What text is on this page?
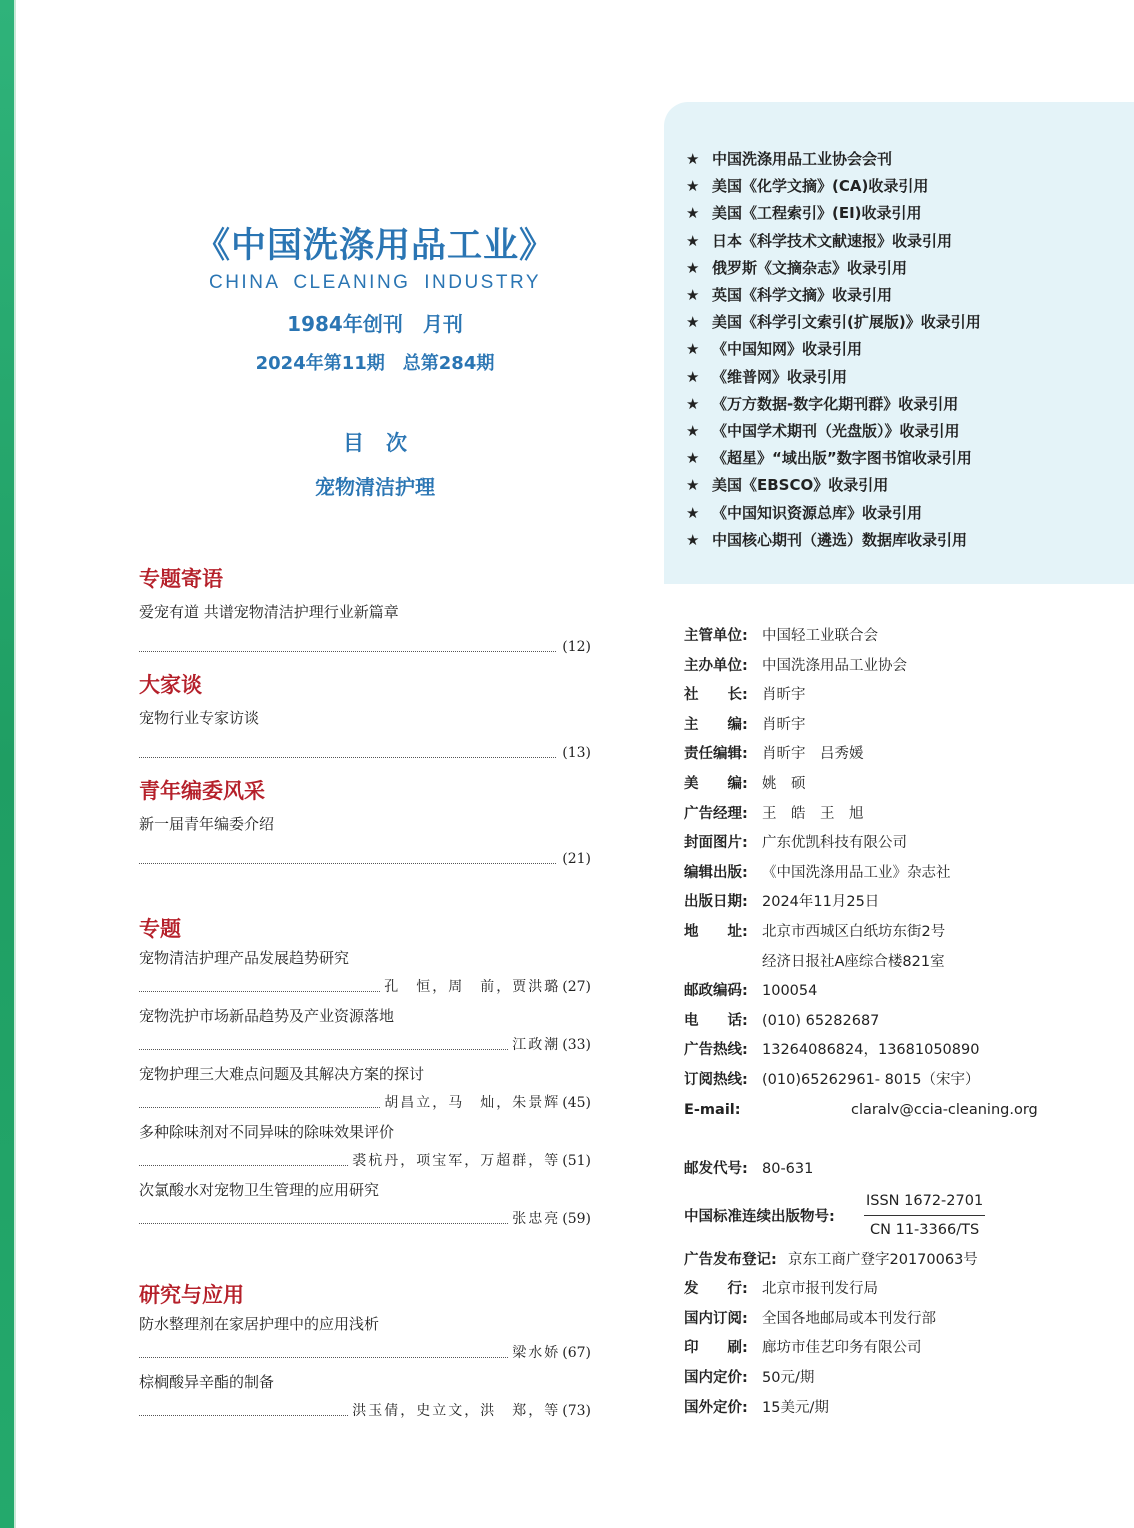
《中国洗涤用品工业》
CHINA CLEANING INDUSTRY
1984年创刊　月刊
2024年第11期　总第284期
目次
宠物清洁护理
专题寄语
爱宠有道 共谱宠物清洁护理行业新篇章
(12)
大家谈
宠物行业专家访谈
(13)
青年编委风采
新一届青年编委介绍
(21)
专题
宠物清洁护理产品发展趋势研究
孔　恒，周　前，贾洪璐 (27)
宠物洗护市场新品趋势及产业资源落地
江政潮 (33)
宠物护理三大难点问题及其解决方案的探讨
胡昌立，马　灿，朱景辉 (45)
多种除味剂对不同异味的除味效果评价
裘杭丹，项宝军，万超群，等 (51)
次氯酸水对宠物卫生管理的应用研究
张忠亮 (59)
研究与应用
防水整理剂在家居护理中的应用浅析
梁水娇 (67)
棕榈酸异辛酯的制备
洪玉倩，史立文，洪　郑，等 (73)
★ 中国洗涤用品工业协会会刊
★ 美国《化学文摘》(CA)收录引用
★ 美国《工程索引》(EI)收录引用
★ 日本《科学技术文献速报》收录引用
★ 俄罗斯《文摘杂志》收录引用
★ 英国《科学文摘》收录引用
★ 美国《科学引文索引(扩展版)》收录引用
★ 《中国知网》收录引用
★ 《维普网》收录引用
★ 《万方数据-数字化期刊群》收录引用
★ 《中国学术期刊（光盘版）》收录引用
★ 《超星》“域出版”数字图书馆收录引用
★ 美国《EBSCO》收录引用
★ 《中国知识资源总库》收录引用
★ 中国核心期刊（遴选）数据库收录引用
主管单位: 中国轻工业联合会
主办单位: 中国洗涤用品工业协会
社　　长: 肖昕宇
主　　编: 肖昕宇
责任编辑: 肖昕宇　吕秀媛
美　　编: 姚　硕
广告经理: 王　皓　王　旭
封面图片: 广东优凯科技有限公司
编辑出版: 《中国洗涤用品工业》杂志社
出版日期: 2024年11月25日
地　　址: 北京市西城区白纸坊东街2号
经济日报社A座综合楼821室
邮政编码: 100054
电　　话: (010) 65282687
广告热线: 13264086824，13681050890
订阅热线: (010)65262961- 8015（宋宇）
E-mail:	claralv@ccia-cleaning.org
邮发代号: 80-631
中国标准连续出版物号:
ISSN 1672-2701
CN 11-3366/TS
广告发布登记: 京东工商广登字20170063号
发　　行: 北京市报刊发行局
国内订阅: 全国各地邮局或本刊发行部
印　　刷: 廊坊市佳艺印务有限公司
国内定价: 50元/期
国外定价: 15美元/期
